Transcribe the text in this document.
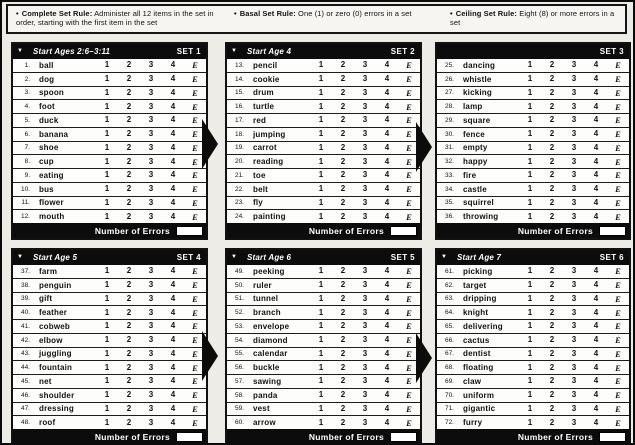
• Complete Set Rule: Administer all 12 items in the set in order, starting with the first item in the set
• Basal Set Rule: One (1) or zero (0) errors in a set	• Ceiling Set Rule: Eight (8) or more errors in a set
▼	Start Ages 2:6–3:11	SET 1
1. ball	1	2	3	4	E
2. dog	1	2	3	4	E
3. spoon	1	2	3	4	E
4. foot	1	2	3	4	E
5. duck	1	2	3	4	E
6. banana	1	2	3	4	E
7. shoe	1	2	3	4	E
8. cup	1	2	3	4	E
9. eating	1	2	3	4	E
10. bus	1	2	3	4	E
11. flower	1	2	3	4	E
12. mouth	1	2	3	4	E
Number of Errors
▼	Start Age 4	SET 2
13. pencil	1	2	3	4	E
14. cookie	1	2	3	4	E
15. drum	1	2	3	4	E
16. turtle	1	2	3	4	E
17. red	1	2	3	4	E
18. jumping	1	2	3	4	E
19. carrot	1	2	3	4	E
20. reading	1	2	3	4	E
21. toe	1	2	3	4	E
22. belt	1	2	3	4	E
23. fly	1	2	3	4	E
24. painting	1	2	3	4	E
Number of Errors
SET 3
25. dancing	1	2	3	4	E
26. whistle	1	2	3	4	E
27. kicking	1	2	3	4	E
28. lamp	1	2	3	4	E
29. square	1	2	3	4	E
30. fence	1	2	3	4	E
31. empty	1	2	3	4	E
32. happy	1	2	3	4	E
33. fire	1	2	3	4	E
34. castle	1	2	3	4	E
35. squirrel	1	2	3	4	E
36. throwing	1	2	3	4	E
Number of Errors
▼	Start Age 5	SET 4
37. farm	1	2	3	4	E
38. penguin	1	2	3	4	E
39. gift	1	2	3	4	E
40. feather	1	2	3	4	E
41. cobweb	1	2	3	4	E
42. elbow	1	2	3	4	E
43. juggling	1	2	3	4	E
44. fountain	1	2	3	4	E
45. net	1	2	3	4	E
46. shoulder	1	2	3	4	E
47. dressing	1	2	3	4	E
48. roof	1	2	3	4	E
Number of Errors
▼	Start Age 6	SET 5
49. peeking	1	2	3	4	E
50. ruler	1	2	3	4	E
51. tunnel	1	2	3	4	E
52. branch	1	2	3	4	E
53. envelope	1	2	3	4	E
54. diamond	1	2	3	4	E
55. calendar	1	2	3	4	E
56. buckle	1	2	3	4	E
57. sawing	1	2	3	4	E
58. panda	1	2	3	4	E
59. vest	1	2	3	4	E
60. arrow	1	2	3	4	E
Number of Errors
▼	Start Age 7	SET 6
61. picking	1	2	3	4	E
62. target	1	2	3	4	E
63. dripping	1	2	3	4	E
64. knight	1	2	3	4	E
65. delivering	1	2	3	4	E
66. cactus	1	2	3	4	E
67. dentist	1	2	3	4	E
68. floating	1	2	3	4	E
69. claw	1	2	3	4	E
70. uniform	1	2	3	4	E
71. gigantic	1	2	3	4	E
72. furry	1	2	3	4	E
Number of Errors
